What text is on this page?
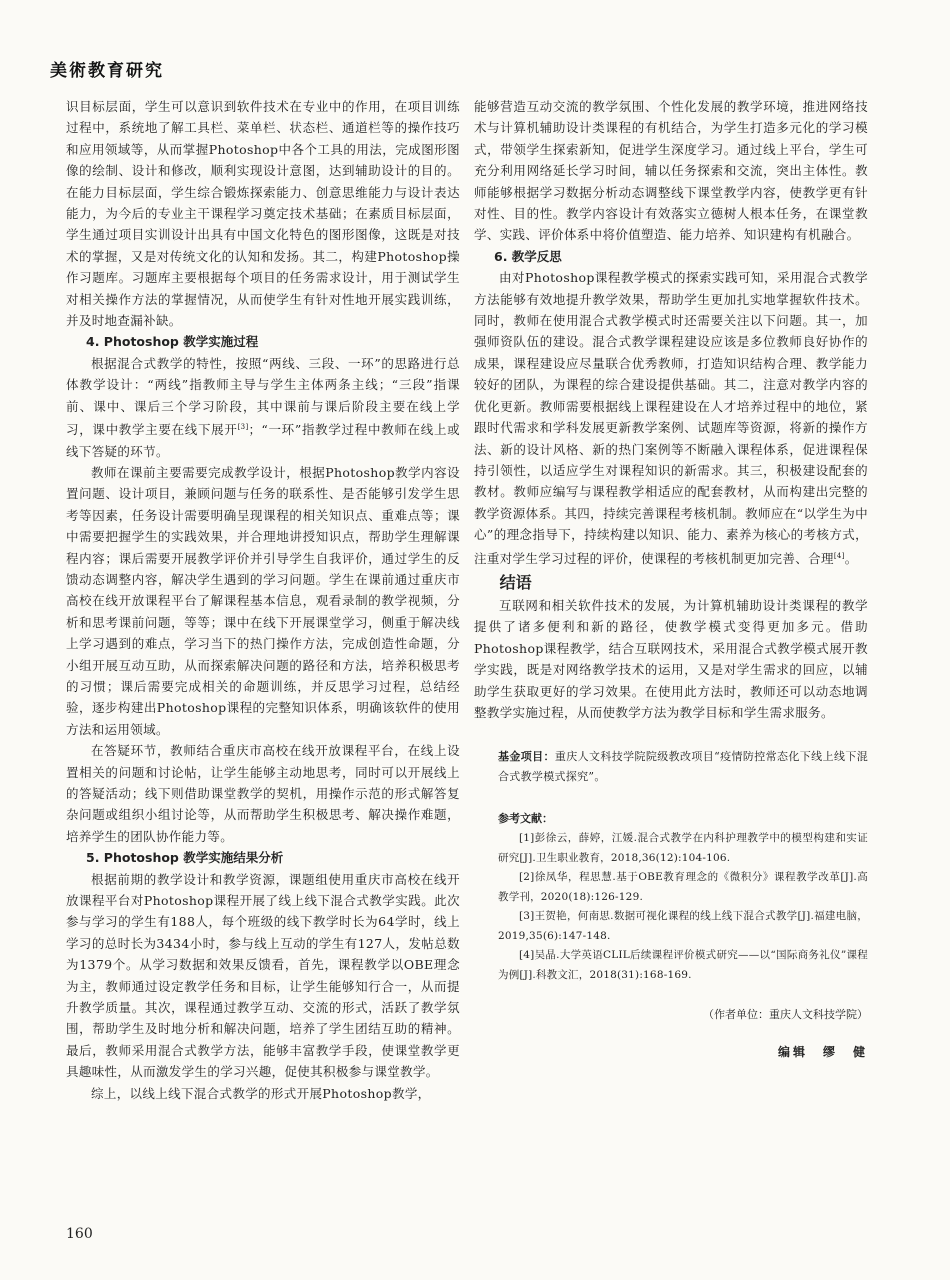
美術教育研究

识目标层面，学生可以意识到软件技术在专业中的作用，在项目训练过程中，系统地了解工具栏、菜单栏、状态栏、通道栏等的操作技巧和应用领域等，从而掌握Photoshop中各个工具的用法，完成图形图像的绘制、设计和修改，顺利实现设计意图，达到辅助设计的目的。在能力目标层面，学生综合锻炼探索能力、创意思维能力与设计表达能力，为今后的专业主干课程学习奠定技术基础；在素质目标层面，学生通过项目实训设计出具有中国文化特色的图形图像，这既是对技术的掌握，又是对传统文化的认知和发扬。其二，构建Photoshop操作习题库。习题库主要根据每个项目的任务需求设计，用于测试学生对相关操作方法的掌握情况，从而使学生有针对性地开展实践训练，并及时地查漏补缺。

4. Photoshop 教学实施过程

根据混合式教学的特性，按照“两线、三段、一环”的思路进行总体教学设计：“两线”指教师主导与学生主体两条主线；“三段”指课前、课中、课后三个学习阶段，其中课前与课后阶段主要在线上学习，课中教学主要在线下展开[3]；“一环”指教学过程中教师在线上或线下答疑的环节。

教师在课前主要需要完成教学设计，根据Photoshop教学内容设置问题、设计项目，兼顾问题与任务的联系性、是否能够引发学生思考等因素，任务设计需要明确呈现课程的相关知识点、重难点等；课中需要把握学生的实践效果，并合理地讲授知识点，帮助学生理解课程内容；课后需要开展教学评价并引导学生自我评价，通过学生的反馈动态调整内容，解决学生遇到的学习问题。学生在课前通过重庆市高校在线开放课程平台了解课程基本信息，观看录制的教学视频，分析和思考课前问题，等等；课中在线下开展课堂学习，侧重于解决线上学习遇到的难点，学习当下的热门操作方法，完成创造性命题，分小组开展互动互助，从而探索解决问题的路径和方法，培养积极思考的习惯；课后需要完成相关的命题训练，并反思学习过程，总结经验，逐步构建出Photoshop课程的完整知识体系，明确该软件的使用方法和运用领域。

在答疑环节，教师结合重庆市高校在线开放课程平台，在线上设置相关的问题和讨论帖，让学生能够主动地思考，同时可以开展线上的答疑活动；线下则借助课堂教学的契机，用操作示范的形式解答复杂问题或组织小组讨论等，从而帮助学生积极思考、解决操作难题，培养学生的团队协作能力等。

5. Photoshop 教学实施结果分析

根据前期的教学设计和教学资源，课题组使用重庆市高校在线开放课程平台对Photoshop课程开展了线上线下混合式教学实践。此次参与学习的学生有188人，每个班级的线下教学时长为64学时，线上学习的总时长为3434小时，参与线上互动的学生有127人，发帖总数为1379个。从学习数据和效果反馈看，首先，课程教学以OBE理念为主，教师通过设定教学任务和目标，让学生能够知行合一，从而提升教学质量。其次，课程通过教学互动、交流的形式，活跃了教学氛围，帮助学生及时地分析和解决问题，培养了学生团结互助的精神。最后，教师采用混合式教学方法，能够丰富教学手段，使课堂教学更具趣味性，从而激发学生的学习兴趣，促使其积极参与课堂教学。

综上，以线上线下混合式教学的形式开展Photoshop教学，

能够营造互动交流的教学氛围、个性化发展的教学环境，推进网络技术与计算机辅助设计类课程的有机结合，为学生打造多元化的学习模式，带领学生探索新知，促进学生深度学习。通过线上平台，学生可充分利用网络延长学习时间，辅以任务探索和交流，突出主体性。教师能够根据学习数据分析动态调整线下课堂教学内容，使教学更有针对性、目的性。教学内容设计有效落实立德树人根本任务，在课堂教学、实践、评价体系中将价值塑造、能力培养、知识建构有机融合。

6. 教学反思

由对Photoshop课程教学模式的探索实践可知，采用混合式教学方法能够有效地提升教学效果，帮助学生更加扎实地掌握软件技术。同时，教师在使用混合式教学模式时还需要关注以下问题。其一，加强师资队伍的建设。混合式教学课程建设应该是多位教师良好协作的成果，课程建设应尽量联合优秀教师，打造知识结构合理、教学能力较好的团队，为课程的综合建设提供基础。其二，注意对教学内容的优化更新。教师需要根据线上课程建设在人才培养过程中的地位，紧跟时代需求和学科发展更新教学案例、试题库等资源，将新的操作方法、新的设计风格、新的热门案例等不断融入课程体系，促进课程保持引领性，以适应学生对课程知识的新需求。其三，积极建设配套的教材。教师应编写与课程教学相适应的配套教材，从而构建出完整的教学资源体系。其四，持续完善课程考核机制。教师应在“以学生为中心”的理念指导下，持续构建以知识、能力、素养为核心的考核方式，注重对学生学习过程的评价，使课程的考核机制更加完善、合理[4]。

结语

互联网和相关软件技术的发展，为计算机辅助设计类课程的教学提供了诸多便利和新的路径，使教学模式变得更加多元。借助Photoshop课程教学，结合互联网技术，采用混合式教学模式展开教学实践，既是对网络教学技术的运用，又是对学生需求的回应，以辅助学生获取更好的学习效果。在使用此方法时，教师还可以动态地调整教学实施过程，从而使教学方法为教学目标和学生需求服务。

基金项目：重庆人文科技学院院级教改项目“疫情防控常态化下线上线下混合式教学模式探究”。
参考文献：

[1]彭徐云，薛婷，江媛.混合式教学在内科护理教学中的模型构建和实证研究[J].卫生职业教育，2018,36(12):104-106.

[2]徐凤华，程思慧.基于OBE教育理念的《微积分》课程教学改革[J].高教学刊，2020(18):126-129.

[3]王贺艳，何南思.数据可视化课程的线上线下混合式教学[J].福建电脑，2019,35(6):147-148.

[4]吴晶.大学英语CLIL后续课程评价模式研究——以“国际商务礼仪”课程为例[J].科教文汇，2018(31):168-169.

（作者单位：重庆人文科技学院）
编辑　缪　健
160
